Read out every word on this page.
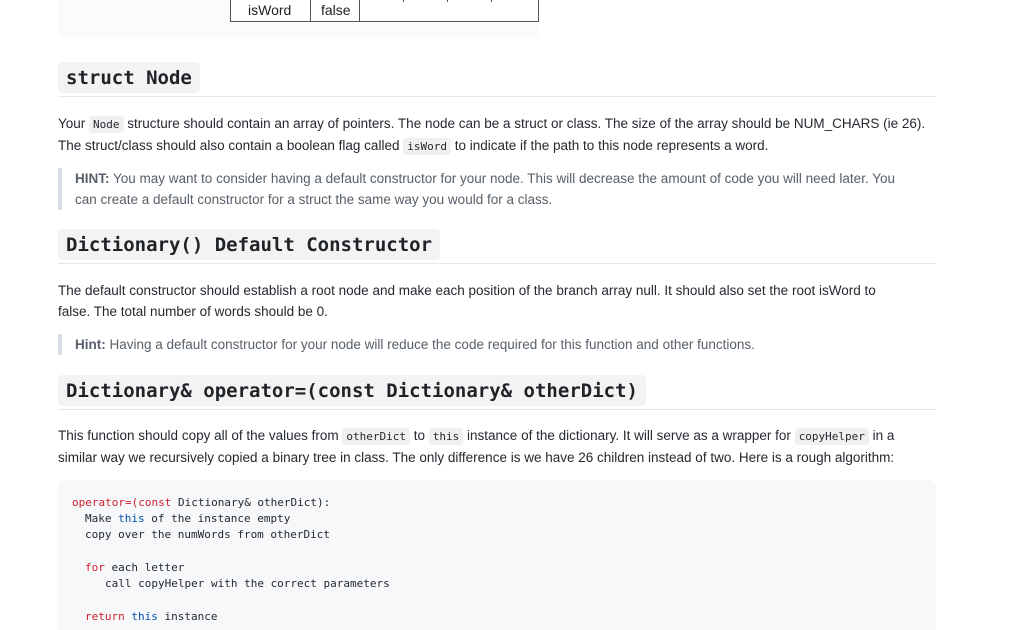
isWord false
struct Node

Your Node structure should contain an array of pointers. The node can be a struct or class. The size of the array should be NUM_CHARS (ie 26).
The struct/class should also contain a boolean flag called isWord to indicate if the path to this node represents a word.

HINT: You may want to consider having a default constructor for your node. This will decrease the amount of code you will need later. You
can create a default constructor for a struct the same way you would for a class.
Dictionary() Default Constructor

The default constructor should establish a root node and make each position of the branch array null. It should also set the root isWord to
false. The total number of words should be 0.

Hint: Having a default constructor for your node will reduce the code required for this function and other functions.
Dictionary& operator=(const Dictionary& otherDict)

This function should copy all of the values from otherDict to this instance of the dictionary. It will serve as a wrapper for copyHelper in a
similar way we recursively copied a binary tree in class. The only difference is we have 26 children instead of two. Here is a rough algorithm:

operator=(const Dictionary& otherDict):
Make this of the instance empty
copy over the numWords from otherDict
for each letter
call copyHelper with the correct parameters
return this instance
